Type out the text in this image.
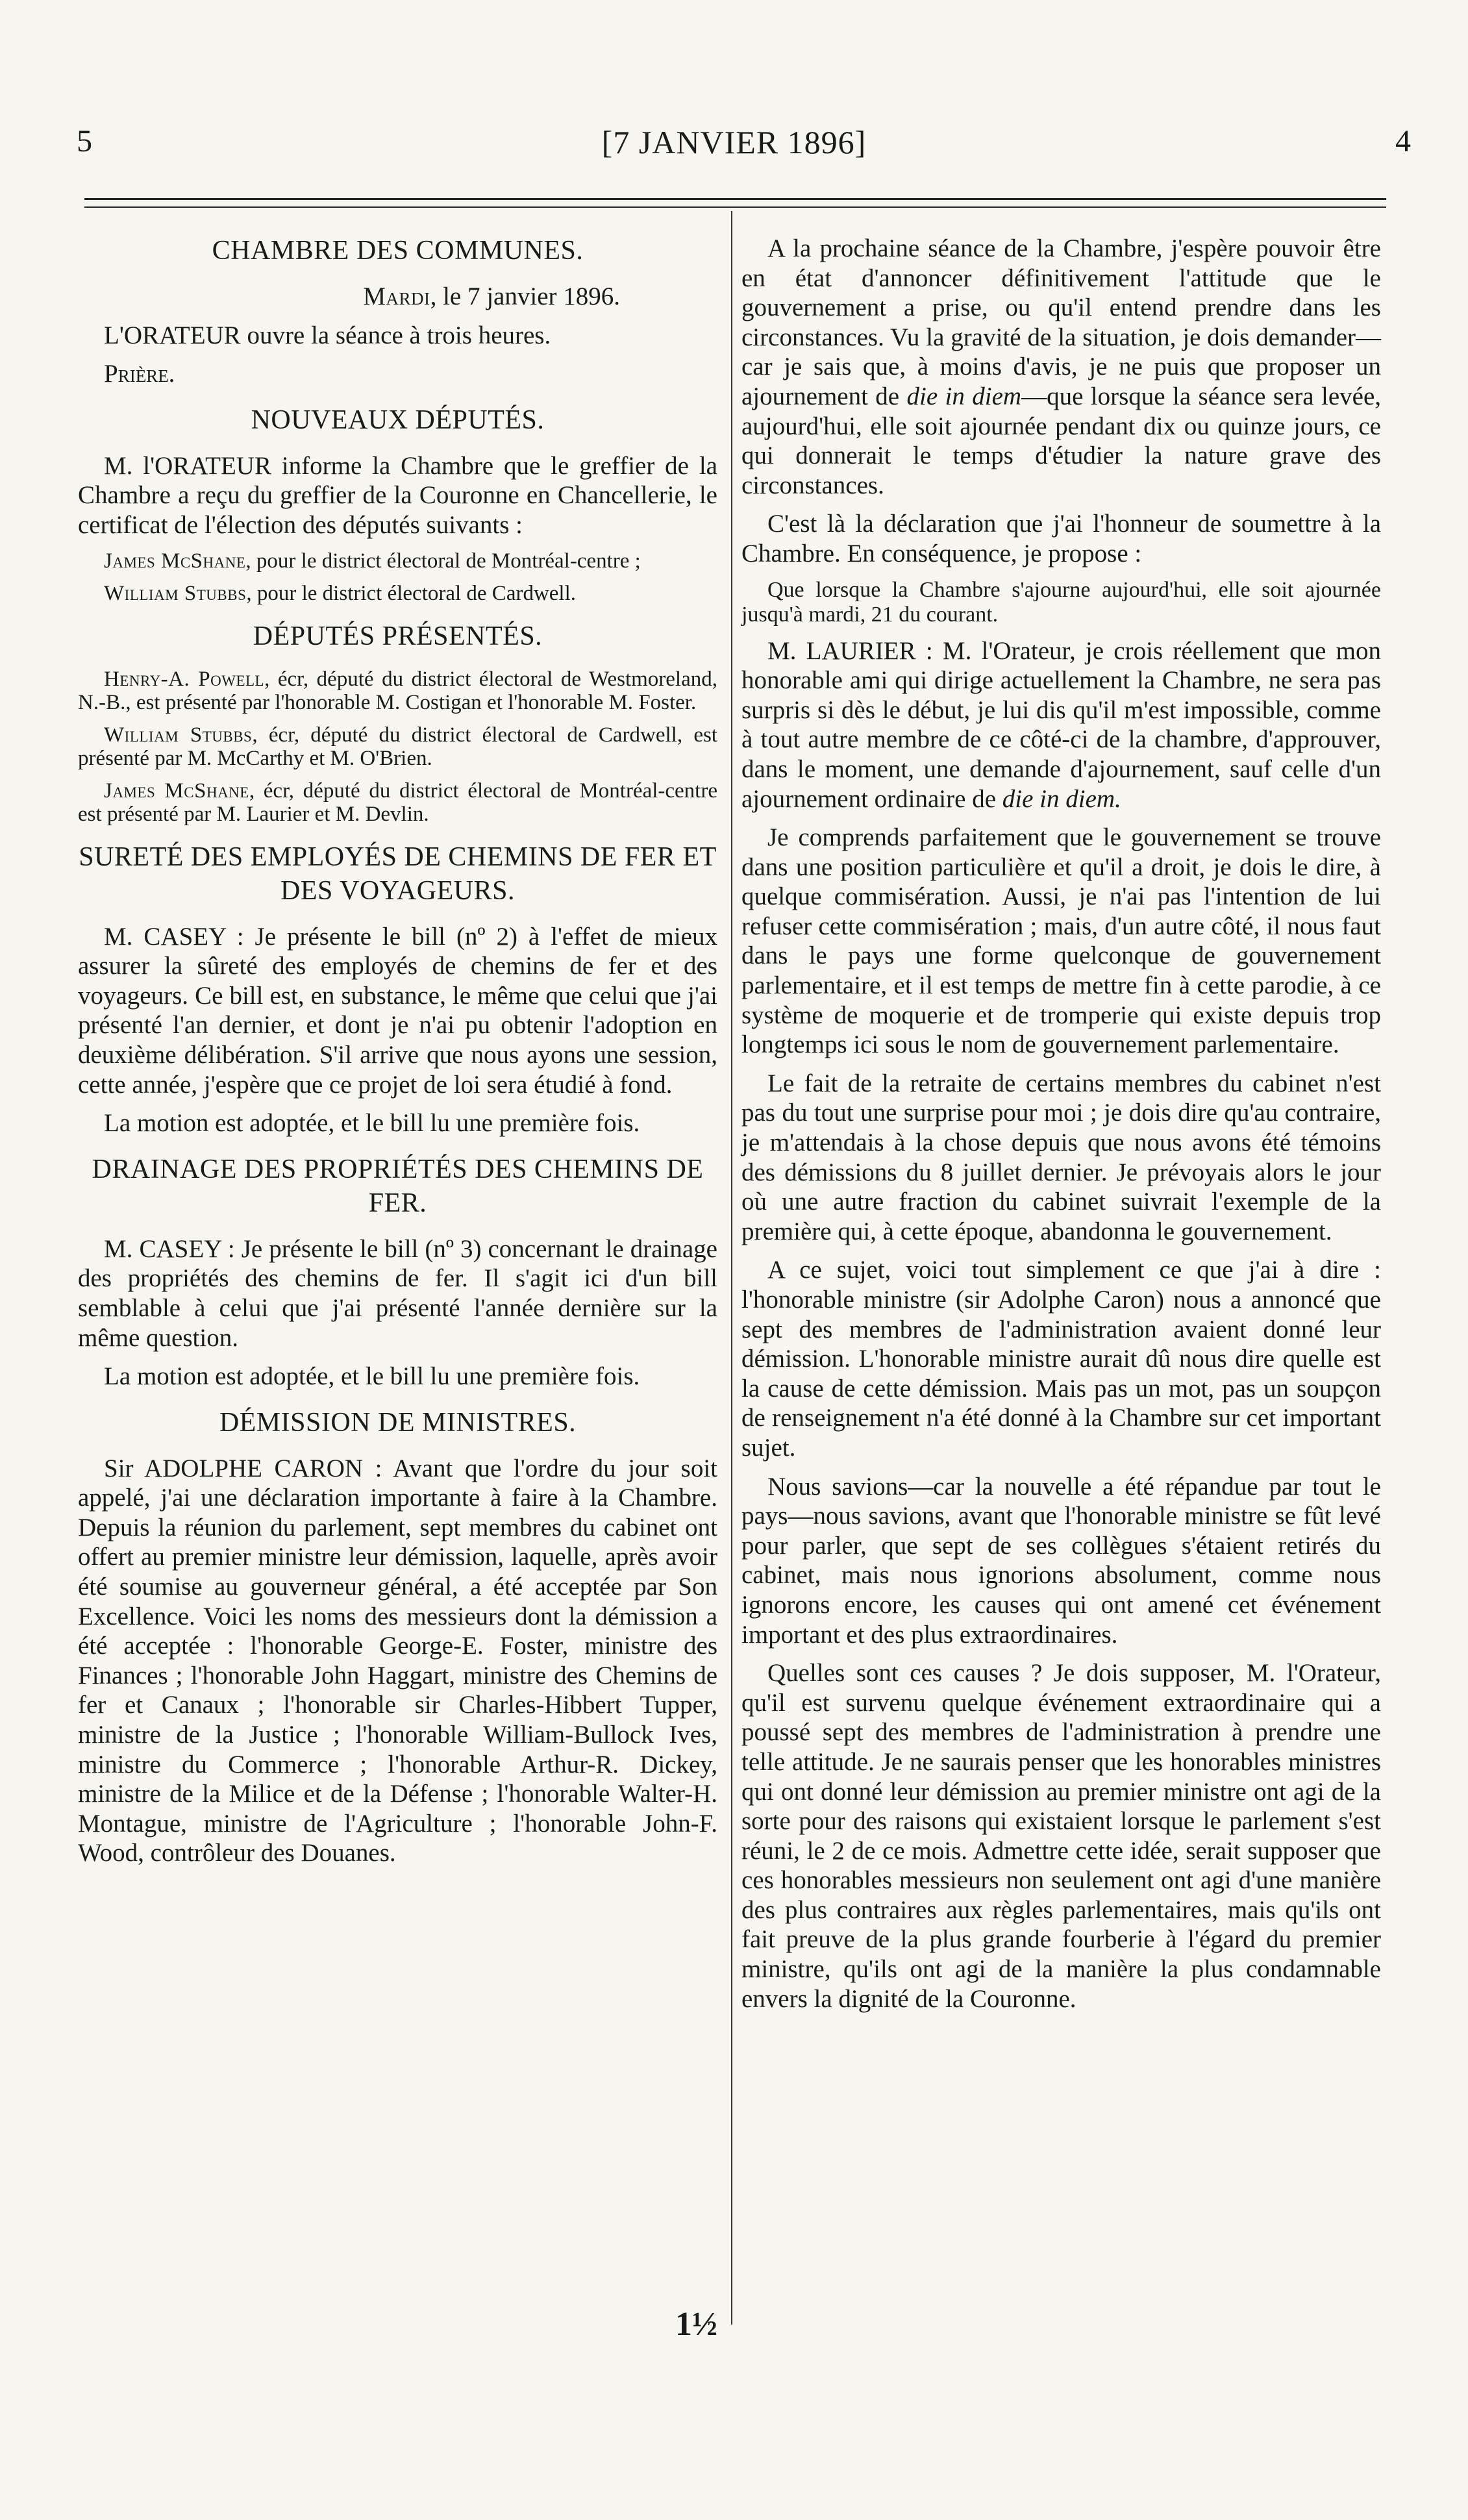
5	[7 JANVIER 1896]	4
CHAMBRE DES COMMUNES.

Mardi, le 7 janvier 1896.

L'ORATEUR ouvre la séance à trois heures.

Prière.

NOUVEAUX DÉPUTÉS.

M. l'ORATEUR informe la Chambre que le greffier de la Chambre a reçu du greffier de la Couronne en Chancellerie, le certificat de l'élection des députés suivants :

James McShane, pour le district électoral de Montréal-centre ;

William Stubbs, pour le district électoral de Cardwell.

DÉPUTÉS PRÉSENTÉS.

Henry-A. Powell, écr, député du district électoral de Westmoreland, N.-B., est présenté par l'honorable M. Costigan et l'honorable M. Foster.

William Stubbs, écr, député du district électoral de Cardwell, est présenté par M. McCarthy et M. O'Brien.

James McShane, écr, député du district électoral de Montréal-centre est présenté par M. Laurier et M. Devlin.

SURETÉ DES EMPLOYÉS DE CHEMINS DE FER ET DES VOYAGEURS.

M. CASEY : Je présente le bill (nº 2) à l'effet de mieux assurer la sûreté des employés de chemins de fer et des voyageurs. Ce bill est, en substance, le même que celui que j'ai présenté l'an dernier, et dont je n'ai pu obtenir l'adoption en deuxième délibération. S'il arrive que nous ayons une session, cette année, j'espère que ce projet de loi sera étudié à fond.

La motion est adoptée, et le bill lu une première fois.

DRAINAGE DES PROPRIÉTÉS DES CHEMINS DE FER.

M. CASEY : Je présente le bill (nº 3) concernant le drainage des propriétés des chemins de fer. Il s'agit ici d'un bill semblable à celui que j'ai présenté l'année dernière sur la même question.

La motion est adoptée, et le bill lu une première fois.

DÉMISSION DE MINISTRES.

Sir ADOLPHE CARON : Avant que l'ordre du jour soit appelé, j'ai une déclaration importante à faire à la Chambre. Depuis la réunion du parlement, sept membres du cabinet ont offert au premier ministre leur démission, laquelle, après avoir été soumise au gouverneur général, a été acceptée par Son Excellence. Voici les noms des messieurs dont la démission a été acceptée : l'honorable George-E. Foster, ministre des Finances ; l'honorable John Haggart, ministre des Chemins de fer et Canaux ; l'honorable sir Charles-Hibbert Tupper, ministre de la Justice ; l'honorable William-Bullock Ives, ministre du Commerce ; l'honorable Arthur-R. Dickey, ministre de la Milice et de la Défense ; l'honorable Walter-H. Montague, ministre de l'Agriculture ; l'honorable John-F. Wood, contrôleur des Douanes.

A la prochaine séance de la Chambre, j'espère pouvoir être en état d'annoncer définitivement l'attitude que le gouvernement a prise, ou qu'il entend prendre dans les circonstances. Vu la gravité de la situation, je dois demander—car je sais que, à moins d'avis, je ne puis que proposer un ajournement de die in diem—que lorsque la séance sera levée, aujourd'hui, elle soit ajournée pendant dix ou quinze jours, ce qui donnerait le temps d'étudier la nature grave des circonstances.

C'est là la déclaration que j'ai l'honneur de soumettre à la Chambre. En conséquence, je propose :

Que lorsque la Chambre s'ajourne aujourd'hui, elle soit ajournée jusqu'à mardi, 21 du courant.

M. LAURIER : M. l'Orateur, je crois réellement que mon honorable ami qui dirige actuellement la Chambre, ne sera pas surpris si dès le début, je lui dis qu'il m'est impossible, comme à tout autre membre de ce côté-ci de la chambre, d'approuver, dans le moment, une demande d'ajournement, sauf celle d'un ajournement ordinaire de die in diem.

Je comprends parfaitement que le gouvernement se trouve dans une position particulière et qu'il a droit, je dois le dire, à quelque commisération. Aussi, je n'ai pas l'intention de lui refuser cette commisération ; mais, d'un autre côté, il nous faut dans le pays une forme quelconque de gouvernement parlementaire, et il est temps de mettre fin à cette parodie, à ce système de moquerie et de tromperie qui existe depuis trop longtemps ici sous le nom de gouvernement parlementaire.

Le fait de la retraite de certains membres du cabinet n'est pas du tout une surprise pour moi ; je dois dire qu'au contraire, je m'attendais à la chose depuis que nous avons été témoins des démissions du 8 juillet dernier. Je prévoyais alors le jour où une autre fraction du cabinet suivrait l'exemple de la première qui, à cette époque, abandonna le gouvernement.

A ce sujet, voici tout simplement ce que j'ai à dire : l'honorable ministre (sir Adolphe Caron) nous a annoncé que sept des membres de l'administration avaient donné leur démission. L'honorable ministre aurait dû nous dire quelle est la cause de cette démission. Mais pas un mot, pas un soupçon de renseignement n'a été donné à la Chambre sur cet important sujet.

Nous savions—car la nouvelle a été répandue par tout le pays—nous savions, avant que l'honorable ministre se fût levé pour parler, que sept de ses collègues s'étaient retirés du cabinet, mais nous ignorions absolument, comme nous ignorons encore, les causes qui ont amené cet événement important et des plus extraordinaires.

Quelles sont ces causes ? Je dois supposer, M. l'Orateur, qu'il est survenu quelque événement extraordinaire qui a poussé sept des membres de l'administration à prendre une telle attitude. Je ne saurais penser que les honorables ministres qui ont donné leur démission au premier ministre ont agi de la sorte pour des raisons qui existaient lorsque le parlement s'est réuni, le 2 de ce mois. Admettre cette idée, serait supposer que ces honorables messieurs non seulement ont agi d'une manière des plus contraires aux règles parlementaires, mais qu'ils ont fait preuve de la plus grande fourberie à l'égard du premier ministre, qu'ils ont agi de la manière la plus condamnable envers la dignité de la Couronne.

1½
